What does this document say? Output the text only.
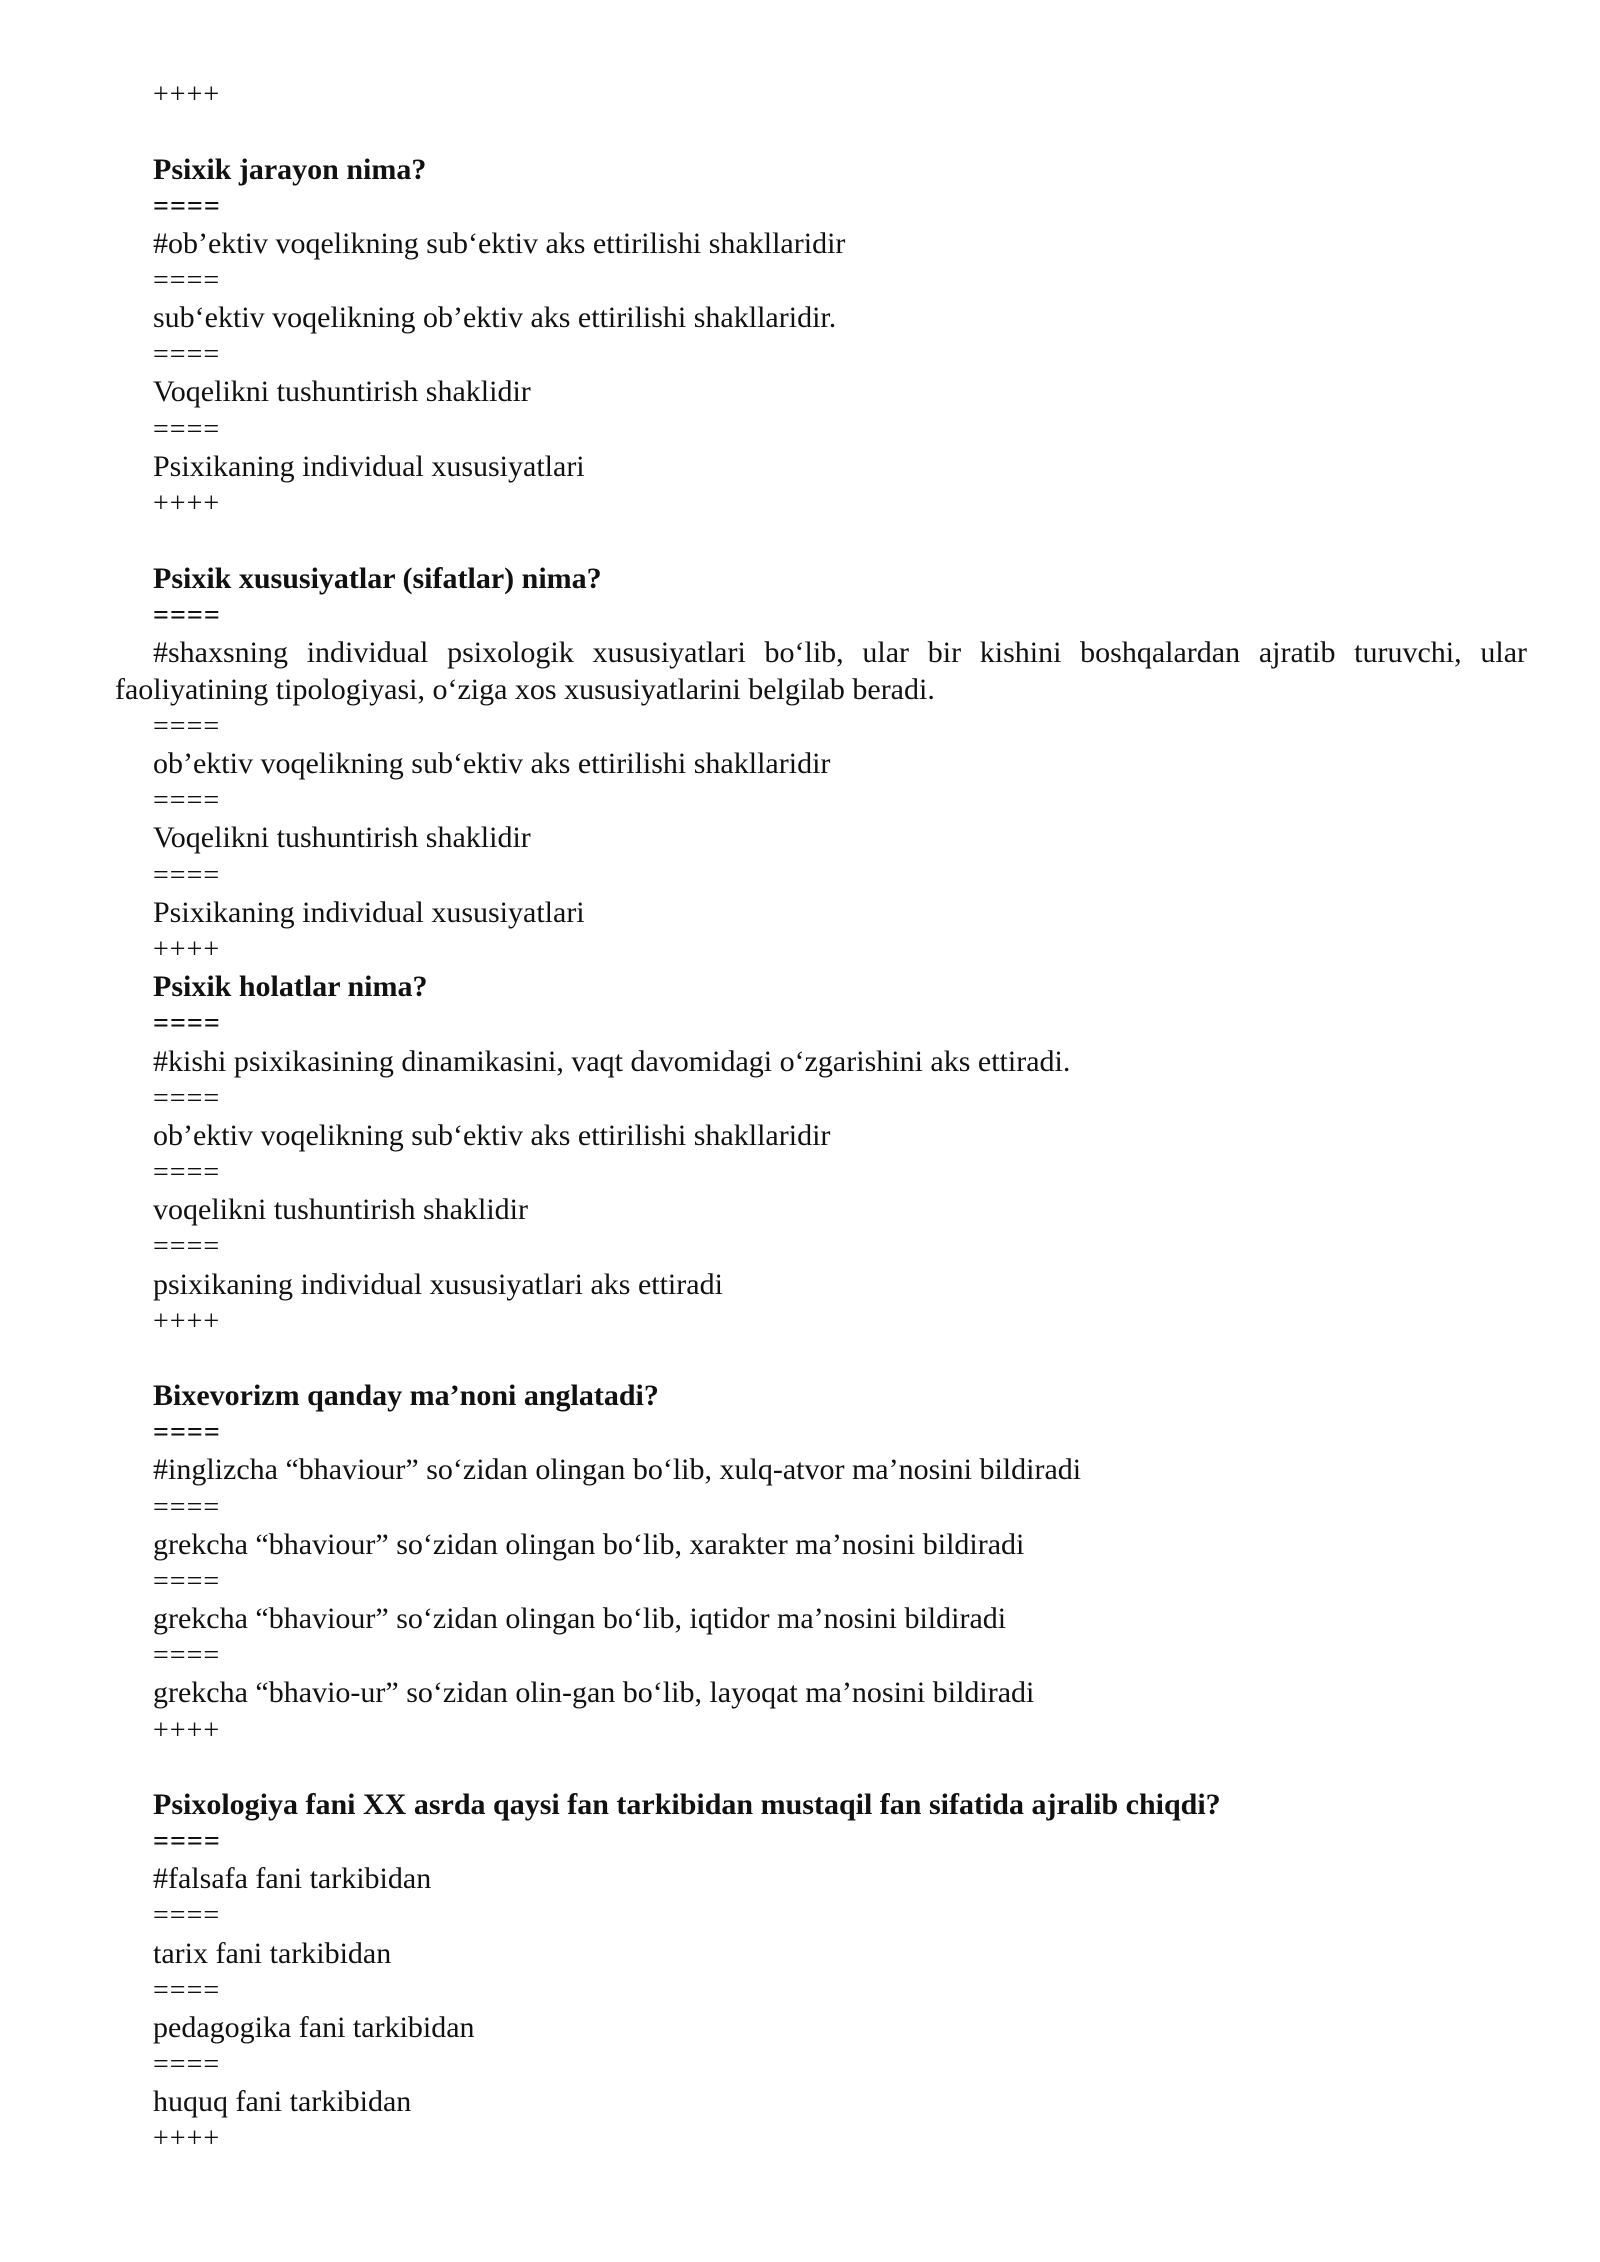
++++

Psixik jarayon nima?

====

#ob’ektiv voqelikning sub‘ektiv aks ettirilishi shakllaridir

====

sub‘ektiv voqelikning ob’ektiv aks ettirilishi shakllaridir.

====

Voqelikni tushuntirish shaklidir

====

Psixikaning individual xususiyatlari

++++

Psixik xususiyatlar (sifatlar) nima?

====

#shaxsning individual psixologik xususiyatlari bo‘lib, ular bir kishini boshqalardan ajratib turuvchi, ular faoliyatining tipologiyasi, o‘ziga xos xususiyatlarini belgilab beradi.

====

ob’ektiv voqelikning sub‘ektiv aks ettirilishi shakllaridir

====

Voqelikni tushuntirish shaklidir

====

Psixikaning individual xususiyatlari

++++

Psixik holatlar nima?

====

#kishi psixikasining dinamikasini, vaqt davomidagi o‘zgarishini aks ettiradi.

====

ob’ektiv voqelikning sub‘ektiv aks ettirilishi shakllaridir

====

voqelikni tushuntirish shaklidir

====

psixikaning individual xususiyatlari aks ettiradi

++++

Bixevorizm qanday ma’noni anglatadi?

====

#inglizcha “bhaviour” so‘zidan olingan bo‘lib, xulq-atvor ma’nosini bildiradi

====

grekcha “bhaviour” so‘zidan olingan bo‘lib, xarakter ma’nosini bildiradi

====

grekcha “bhaviour” so‘zidan olingan bo‘lib, iqtidor ma’nosini bildiradi

====

grekcha “bhavio-ur” so‘zidan olin-gan bo‘lib, layoqat ma’nosini bildiradi

++++

Psixologiya fani XX asrda qaysi fan tarkibidan mustaqil fan sifatida ajralib chiqdi?

====

#falsafa fani tarkibidan

====

tarix fani tarkibidan

====

pedagogika fani tarkibidan

====

huquq fani tarkibidan

++++
